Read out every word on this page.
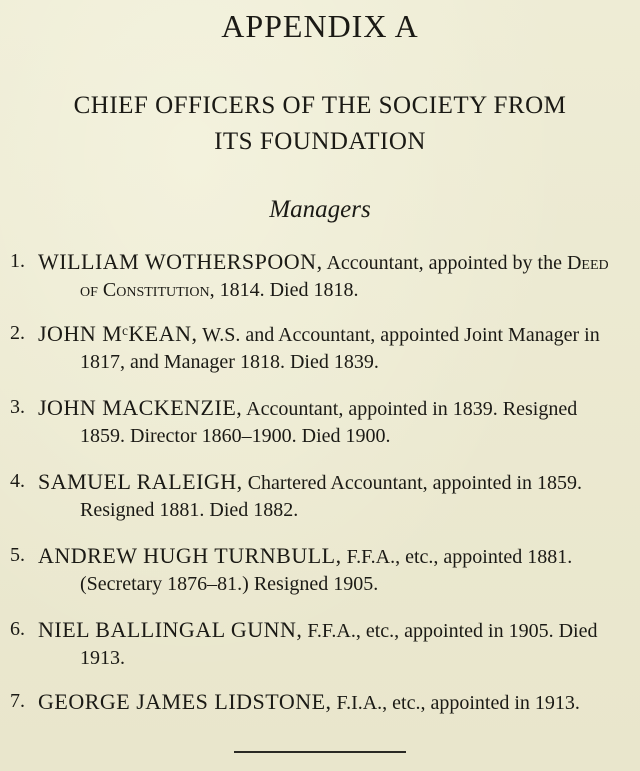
APPENDIX A
CHIEF OFFICERS OF THE SOCIETY FROM
ITS FOUNDATION
Managers
1. WILLIAM WOTHERSPOON, Accountant, appointed by the Deed of Constitution, 1814. Died 1818.
2. JOHN MᶜKEAN, W.S. and Accountant, appointed Joint Manager in 1817, and Manager 1818. Died 1839.
3. JOHN MACKENZIE, Accountant, appointed in 1839. Resigned 1859. Director 1860–1900. Died 1900.
4. SAMUEL RALEIGH, Chartered Accountant, appointed in 1859. Resigned 1881. Died 1882.
5. ANDREW HUGH TURNBULL, F.F.A., etc., appointed 1881. (Secretary 1876–81.) Resigned 1905.
6. NIEL BALLINGAL GUNN, F.F.A., etc., appointed in 1905. Died 1913.
7. GEORGE JAMES LIDSTONE, F.I.A., etc., appointed in 1913.
